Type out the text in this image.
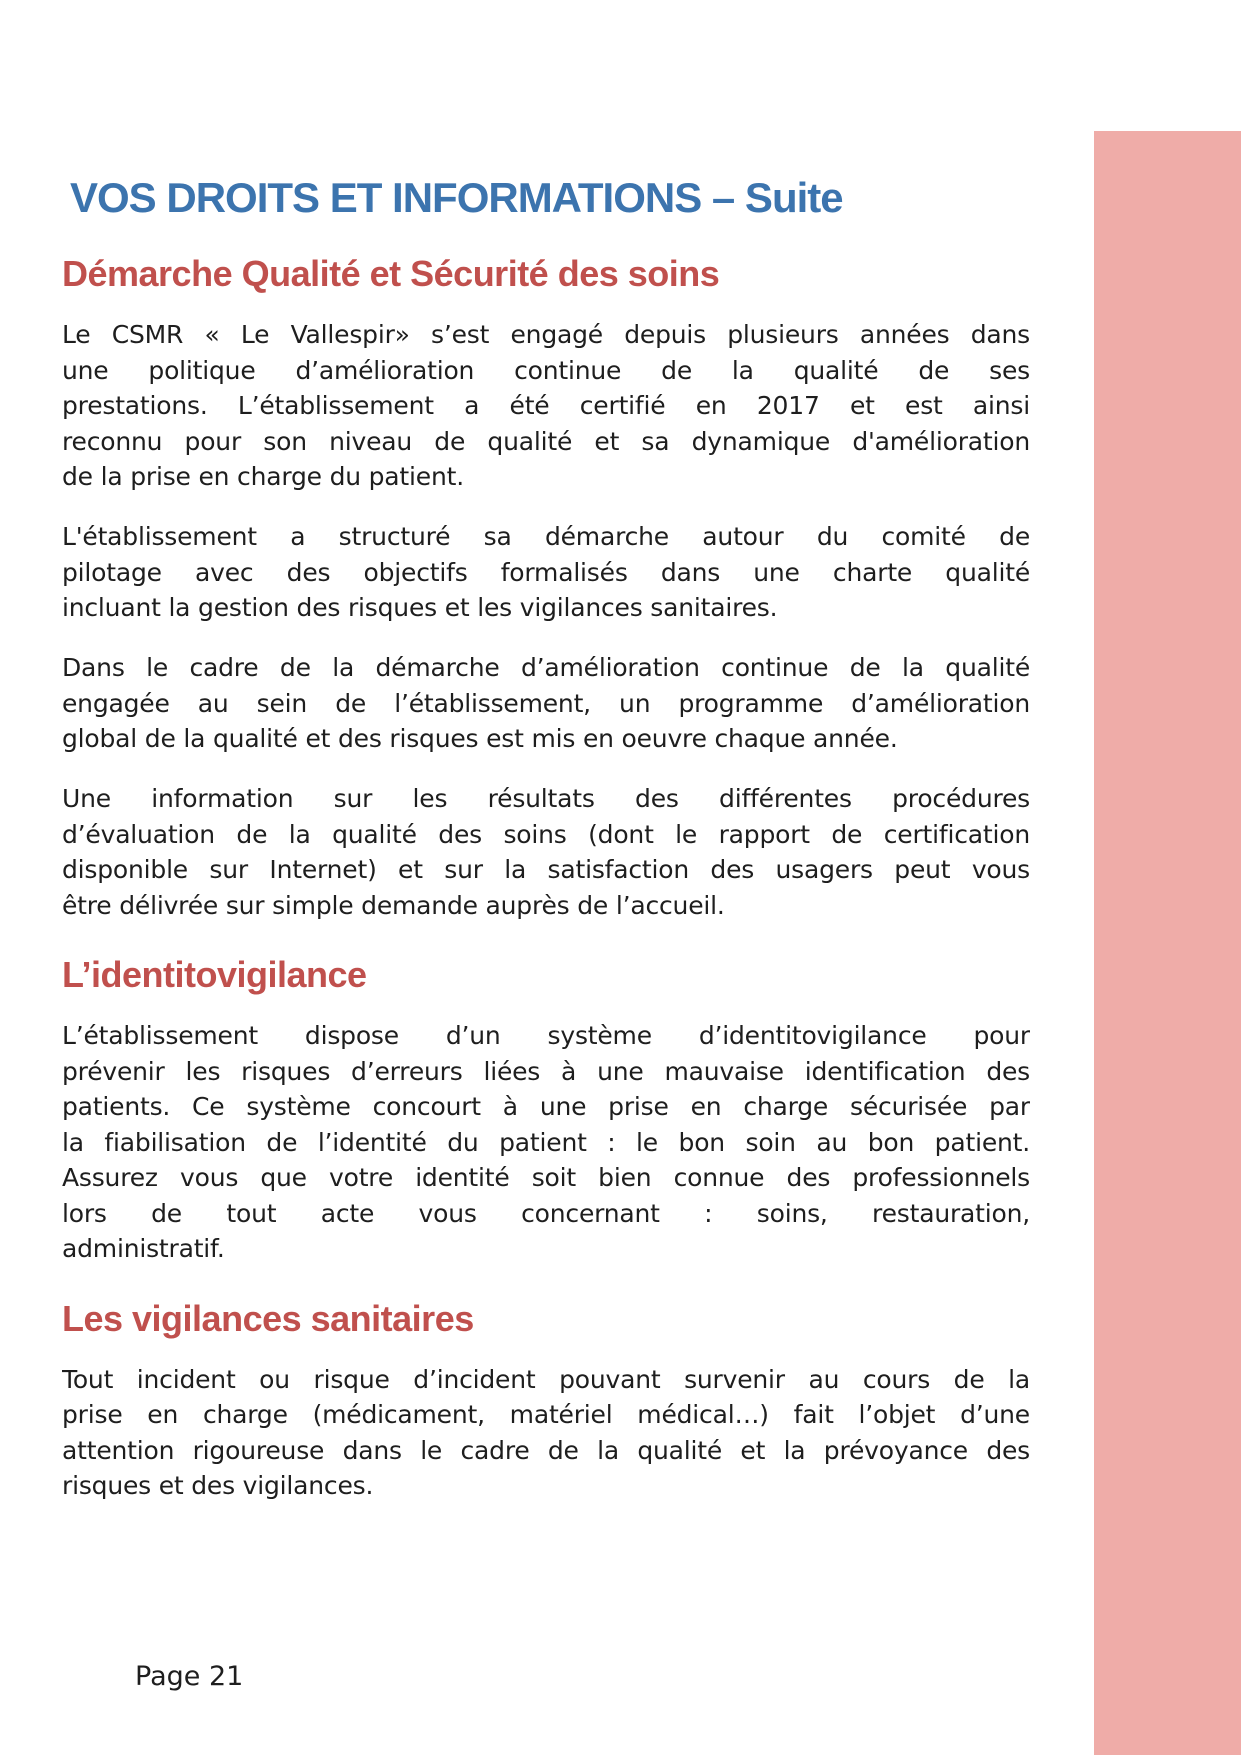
VOS DROITS ET INFORMATIONS – Suite
Démarche Qualité et Sécurité des soins
Le CSMR « Le Vallespir» s’est engagé depuis plusieurs années dans
une politique d’amélioration continue de la qualité de ses
prestations. L’établissement a été certifié en 2017 et est ainsi
reconnu pour son niveau de qualité et sa dynamique d'amélioration
de la prise en charge du patient.
L'établissement a structuré sa démarche autour du comité de
pilotage avec des objectifs formalisés dans une charte qualité
incluant la gestion des risques et les vigilances sanitaires.
Dans le cadre de la démarche d’amélioration continue de la qualité
engagée au sein de l’établissement, un programme d’amélioration
global de la qualité et des risques est mis en oeuvre chaque année.
Une information sur les résultats des différentes procédures
d’évaluation de la qualité des soins (dont le rapport de certification
disponible sur Internet) et sur la satisfaction des usagers peut vous
être délivrée sur simple demande auprès de l’accueil.
L’identitovigilance
L’établissement dispose d’un système d’identitovigilance pour
prévenir les risques d’erreurs liées à une mauvaise identification des
patients. Ce système concourt à une prise en charge sécurisée par
la fiabilisation de l’identité du patient : le bon soin au bon patient.
Assurez vous que votre identité soit bien connue des professionnels
lors de tout acte vous concernant : soins, restauration,
administratif.
Les vigilances sanitaires
Tout incident ou risque d’incident pouvant survenir au cours de la
prise en charge (médicament, matériel médical…) fait l’objet d’une
attention rigoureuse dans le cadre de la qualité et la prévoyance des
risques et des vigilances.
Page 21
